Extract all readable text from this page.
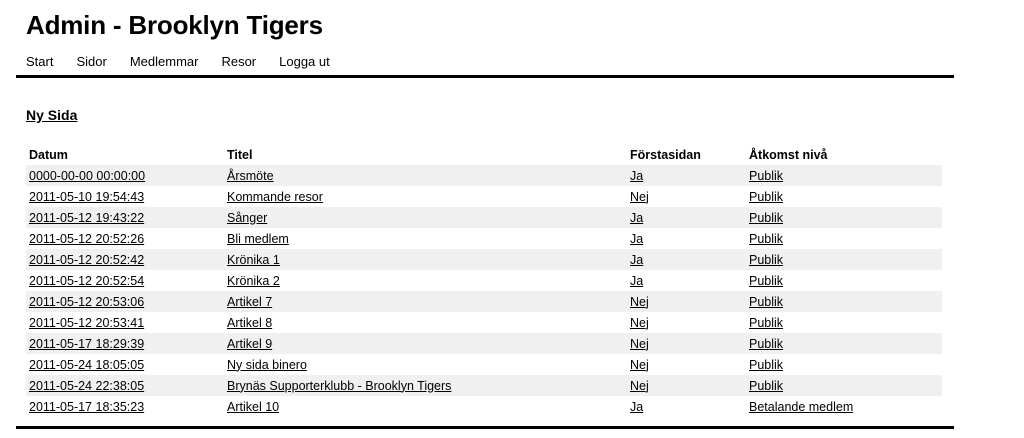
Admin - Brooklyn Tigers
Start Sidor Medlemmar Resor Logga ut
Ny Sida
Datum	Titel	Förstasidan	Åtkomst nivå
0000-00-00 00:00:00	Årsmöte	Ja	Publik
2011-05-10 19:54:43	Kommande resor	Nej	Publik
2011-05-12 19:43:22	Sånger	Ja	Publik
2011-05-12 20:52:26	Bli medlem	Ja	Publik
2011-05-12 20:52:42	Krönika 1	Ja	Publik
2011-05-12 20:52:54	Krönika 2	Ja	Publik
2011-05-12 20:53:06	Artikel 7	Nej	Publik
2011-05-12 20:53:41	Artikel 8	Nej	Publik
2011-05-17 18:29:39	Artikel 9	Nej	Publik
2011-05-24 18:05:05	Ny sida binero	Nej	Publik
2011-05-24 22:38:05	Brynäs Supporterklubb - Brooklyn Tigers	Nej	Publik
2011-05-17 18:35:23	Artikel 10	Ja	Betalande medlem
